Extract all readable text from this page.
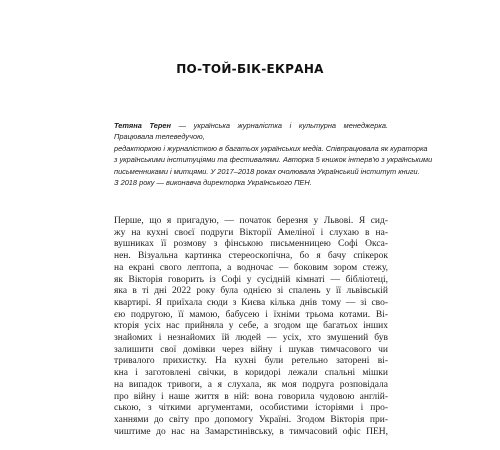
ПО-ТОЙ-БІК-ЕКРАНА
Тетяна Терен — українська журналістка і культурна менеджерка. Працювала телеведучою,
редакторкою і журналісткою в багатьох українських медіа. Співпрацювала як кураторка
з українськими інституціями та фестивалями. Авторка 5 книжок інтерв'ю з українськими
письменниками і митцями. У 2017–2018 роках очолювала Український інститут книги.
З 2018 року — виконавча директорка Українського ПЕН.
Перше, що я пригадую, — початок березня у Львові. Я сид-
жу на кухні своєї подруги Вікторії Амеліної і слухаю в на-
вушниках її розмову з фінською письменницею Софі Оксa-
нен. Візуальна картинка стереоскопічна, бо я бачу спікерок
на екрані свого лептопа, а водночас — боковим зором стежу,
як Вікторія говорить із Софі у сусідній кімнаті — бібліотеці,
яка в ті дні 2022 року була однією зі спалень у її львівській
квартирі. Я приїхала сюди з Києва кілька днів тому — зі сво-
єю подругою, її мамою, бабусею і їхніми трьома котами. Ві-
кторія усіх нас прийняла у себе, а згодом ще багатьох інших
знайомих і незнайомих їй людей — усіх, хто змушений був
залишити свої домівки через війну і шукав тимчасового чи
тривалого прихистку. На кухні були ретельно заторені ві-
кна і заготовлені свічки, в коридорі лежали спальні мішки
на випадок тривоги, а я слухала, як моя подруга розповідала
про війну і наше життя в ній: вона говорила чудовою англій-
ською, з чіткими аргументами, особистими історіями і про-
ханнями до світу про допомогу Україні. Згодом Вікторія при-
чиштиме до нас на Замарстинівську, в тимчасовий офіс ПЕН,
